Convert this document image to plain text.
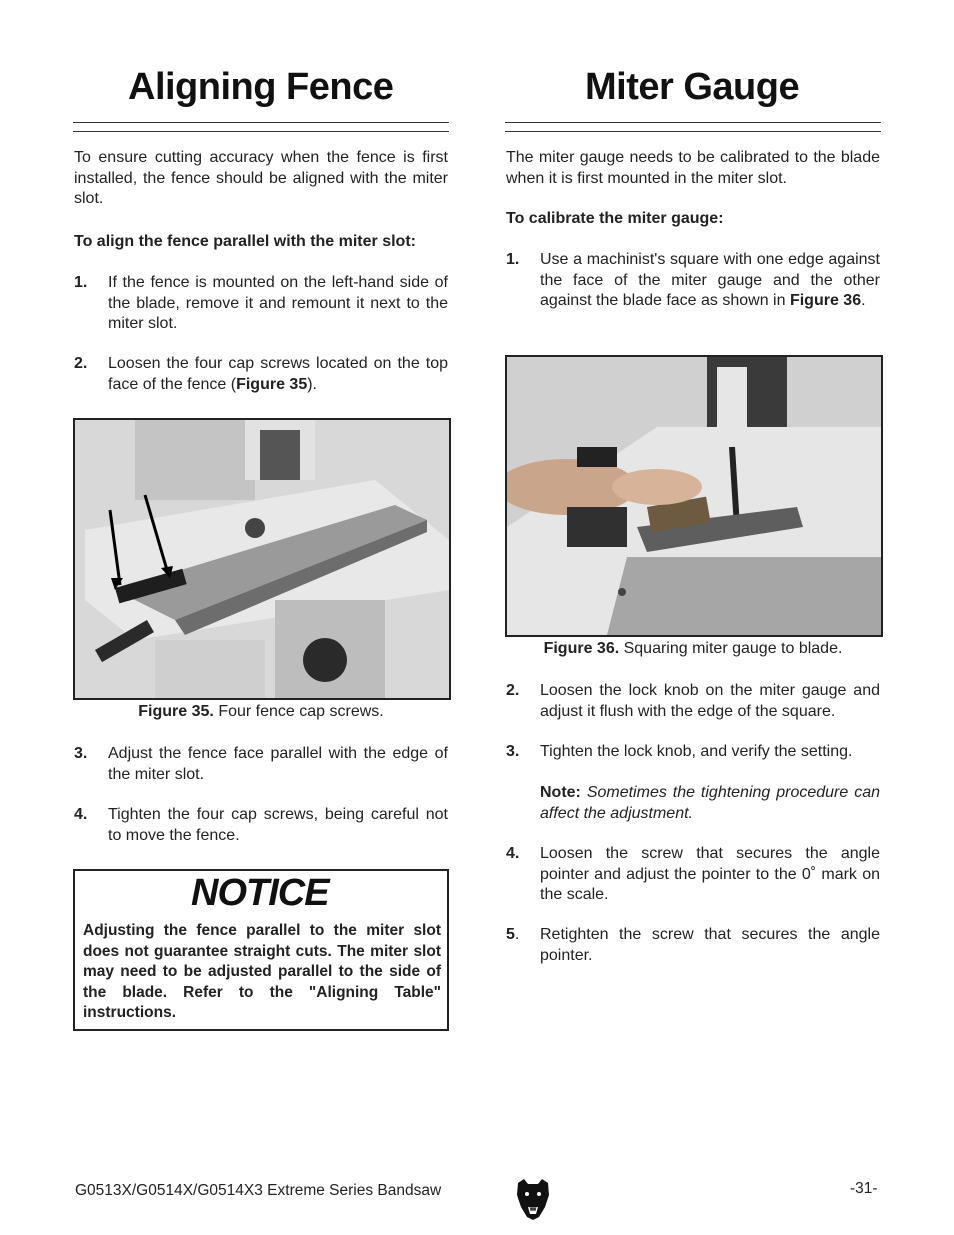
Aligning Fence

To ensure cutting accuracy when the fence is first installed, the fence should be aligned with the miter slot.

To align the fence parallel with the miter slot:

1. If the fence is mounted on the left-hand side of the blade, remove it and remount it next to the miter slot.
2. Loosen the four cap screws located on the top face of the fence (Figure 35).
Figure 35. Four fence cap screws.
3. Adjust the fence face parallel with the edge of the miter slot.
4. Tighten the four cap screws, being careful not to move the fence.
NOTICE
Adjusting the fence parallel to the miter slot does not guarantee straight cuts. The miter slot may need to be adjusted parallel to the side of the blade. Refer to the "Aligning Table" instructions.
Miter Gauge

The miter gauge needs to be calibrated to the blade when it is first mounted in the miter slot.

To calibrate the miter gauge:

1. Use a machinist's square with one edge against the face of the miter gauge and the other against the blade face as shown in Figure 36.
Figure 36. Squaring miter gauge to blade.
2. Loosen the lock knob on the miter gauge and adjust it flush with the edge of the square.
3. Tighten the lock knob, and verify the setting.
Note: Sometimes the tightening procedure can affect the adjustment.
4. Loosen the screw that secures the angle pointer and adjust the pointer to the 0˚ mark on the scale.
5. Retighten the screw that secures the angle pointer.
G0513X/G0514X/G0514X3 Extreme Series Bandsaw	-31-
